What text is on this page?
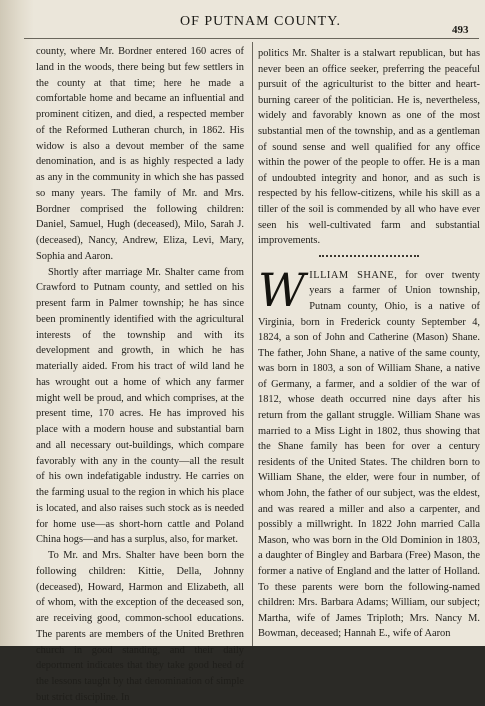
OF PUTNAM COUNTY.
493

county, where Mr. Bordner entered 160 acres of land in the woods, there being but few settlers in the county at that time; here he made a comfortable home and became an influential and prominent citizen, and died, a respected member of the Reformed Lutheran church, in 1862. His widow is also a devout member of the same denomination, and is as highly respected a lady as any in the community in which she has passed so many years. The family of Mr. and Mrs. Bordner comprised the following children: Daniel, Samuel, Hugh (deceased), Milo, Sarah J. (deceased), Nancy, Andrew, Eliza, Levi, Mary, Sophia and Aaron.

Shortly after marriage Mr. Shalter came from Crawford to Putnam county, and settled on his present farm in Palmer township; he has since been prominently identified with the agricultural interests of the township and with its development and growth, in which he has materially aided. From his tract of wild land he has wrought out a home of which any farmer might well be proud, and which comprises, at the present time, 170 acres. He has improved his place with a modern house and substantial barn and all necessary out-buildings, which compare favorably with any in the county—all the result of his own indefatigable industry. He carries on the farming usual to the region in which his place is located, and also raises such stock as is needed for home use—as short-horn cattle and Poland China hogs—and has a surplus, also, for market.

To Mr. and Mrs. Shalter have been born the following children: Kittie, Della, Johnny (deceased), Howard, Harmon and Elizabeth, all of whom, with the exception of the deceased son, are receiving good, common-school educations. The parents are members of the United Brethren church in good standing, and their daily deportment indicates that they take good heed of the lessons taught by that denomination of simple but strict discipline. In

politics Mr. Shalter is a stalwart republican, but has never been an office seeker, preferring the peaceful pursuit of the agriculturist to the bitter and heart-burning career of the politician. He is, nevertheless, widely and favorably known as one of the most substantial men of the township, and as a gentleman of sound sense and well qualified for any office within the power of the people to offer. He is a man of undoubted integrity and honor, and as such is respected by his fellow-citizens, while his skill as a tiller of the soil is commended by all who have ever seen his well-cultivated farm and substantial improvements.

WILLIAM SHANE, for over twenty years a farmer of Union township, Putnam county, Ohio, is a native of Virginia, born in Frederick county September 4, 1824, a son of John and Catherine (Mason) Shane. The father, John Shane, a native of the same county, was born in 1803, a son of William Shane, a native of Germany, a farmer, and a soldier of the war of 1812, whose death occurred nine days after his return from the gallant struggle. William Shane was married to a Miss Light in 1802, thus showing that the Shane family has been for over a century residents of the United States. The children born to William Shane, the elder, were four in number, of whom John, the father of our subject, was the eldest, and was reared a miller and also a carpenter, and possibly a millwright. In 1822 John married Calla Mason, who was born in the Old Dominion in 1803, a daughter of Bingley and Barbara (Free) Mason, the former a native of England and the latter of Holland. To these parents were born the following-named children: Mrs. Barbara Adams; William, our subject; Martha, wife of James Triploth; Mrs. Nancy M. Bowman, deceased; Hannah E., wife of Aaron
